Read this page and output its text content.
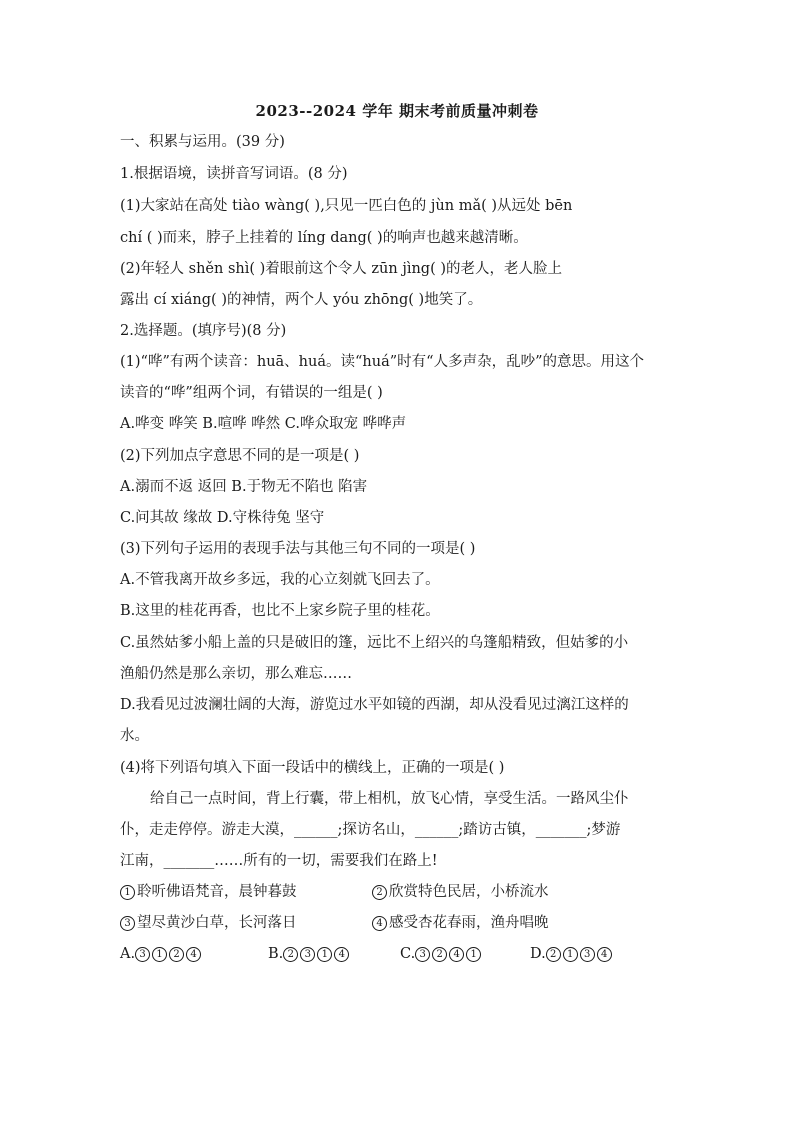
2023--2024 学年 期末考前质量冲刺卷
一、积累与运用。(39 分)
1.根据语境，读拼音写词语。(8 分)
(1)大家站在高处 tiào wàng( ),只见一匹白色的 jùn mǎ( )从远处 bēn
chí ( )而来，脖子上挂着的 líng dang( )的响声也越来越清晰。
(2)年轻人 shěn shì( )着眼前这个令人 zūn jìng( )的老人，老人脸上
露出 cí xiáng( )的神情，两个人 yóu zhōng( )地笑了。
2.选择题。(填序号)(8 分)
(1)“哗”有两个读音：huā、huá。读“huá”时有“人多声杂，乱吵”的意思。用这个
读音的“哗”组两个词，有错误的一组是( )
A.哗变 哗笑 B.喧哗 哗然 C.哗众取宠 哗哗声
(2)下列加点字意思不同的是一项是( )
A.溺而不返 返回 B.于物无不陷也 陷害
C.问其故 缘故 D.守株待兔 坚守
(3)下列句子运用的表现手法与其他三句不同的一项是( )
A.不管我离开故乡多远，我的心立刻就飞回去了。
B.这里的桂花再香，也比不上家乡院子里的桂花。
C.虽然姑爹小船上盖的只是破旧的篷，远比不上绍兴的乌篷船精致，但姑爹的小
渔船仍然是那么亲切，那么难忘……
D.我看见过波澜壮阔的大海，游览过水平如镜的西湖，却从没看见过漓江这样的
水。
(4)将下列语句填入下面一段话中的横线上，正确的一项是( )
给自己一点时间，背上行囊，带上相机，放飞心情，享受生活。一路风尘仆
仆，走走停停。游走大漠，______;探访名山，______;踏访古镇，_______;梦游
江南，_______……所有的一切，需要我们在路上!
1 聆听佛语梵音，晨钟暮鼓	2 欣赏特色民居，小桥流水
3 望尽黄沙白草，长河落日	4 感受杏花春雨，渔舟唱晚
A. 3 1 2 4	B. 2 3 1 4	C. 3 2 4 1	D. 2 1 3 4
